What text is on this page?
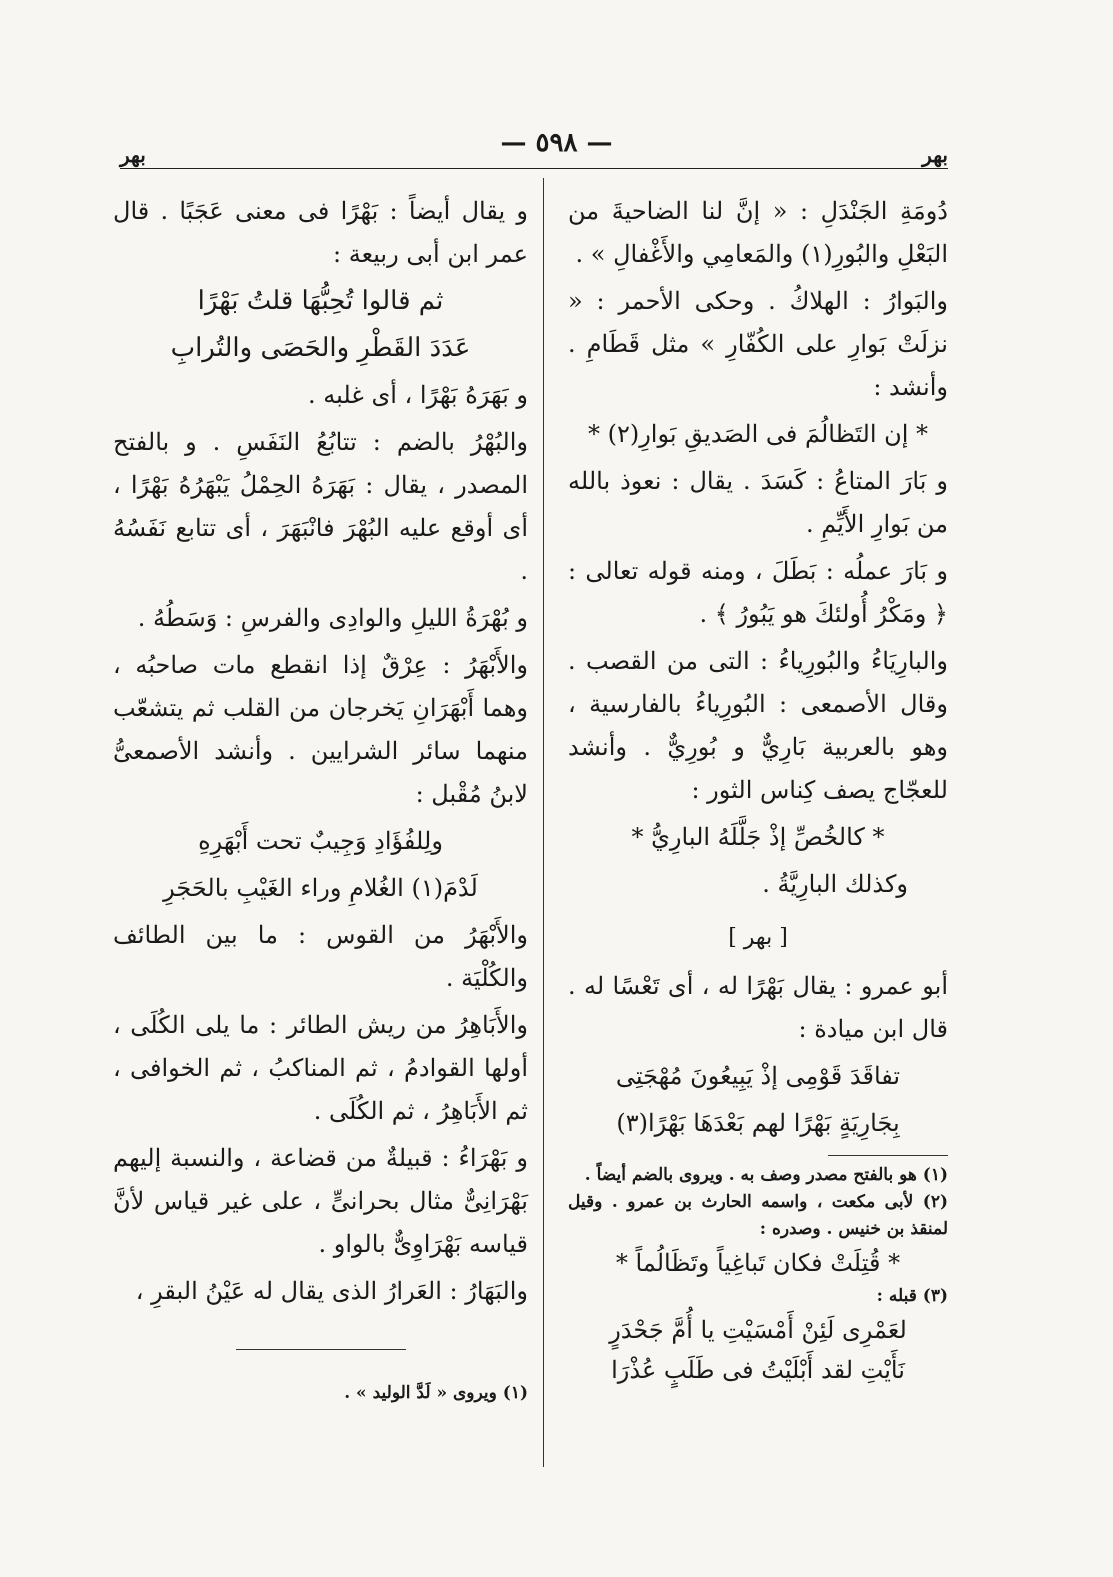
— ٥٩٨ —	بهر
بهر

دُومَةِ الجَنْدَلِ : « إنَّ لنا الضاحيةَ من البَعْلِ والبُورِ(١) والمَعامِي والأَغْفالِ » .

والبَوارُ : الهلاكُ . وحكى الأحمر : « نزلَتْ بَوارِ على الكُفّارِ » مثل قَطَامِ . وأنشد :

* إن التَظالُمَ فى الصَديقِ بَوارِ(٢) *

و بَارَ المتاعُ : كَسَدَ . يقال : نعوذ بالله من بَوارِ الأَيِّمِ .

و بَارَ عملُه : بَطَلَ ، ومنه قوله تعالى : ﴿ ومَكْرُ أُولئكَ هو يَبُورُ ﴾ .

والبارِيَاءُ والبُورِياءُ : التى من القصب . وقال الأصمعى : البُورِياءُ بالفارسية ، وهو بالعربية بَارِيٌّ و بُورِيٌّ . وأنشد للعجّاج يصف كِناس الثور :

* كالخُصِّ إذْ جَلَّلَهُ البارِيُّ *
وكذلك البارِيَّةُ .
[ بهر ]

أبو عمرو : يقال بَهْرًا له ، أى تَعْسًا له . قال ابن ميادة :

تفاقَدَ قَوْمِى إذْ يَبِيعُونَ مُهْجَتِى
بِجَارِيَةٍ بَهْرًا لهم بَعْدَهَا بَهْرًا(٣)

(١) هو بالفتح مصدر وصف به . ويروى بالضم أيضاً .

(٢) لأبى مكعت ، واسمه الحارث بن عمرو . وقيل لمنقذ بن خنيس . وصدره :

* قُتِلَتْ فكان تَباغِياً وتَظَالُماً *

(٣) قبله :

لعَمْرِى لَئِنْ أَمْسَيْتِ يا أُمَّ جَحْدَرٍ
نَأَيْتِ لقد أَبْلَيْتُ فى طَلَبٍ عُذْرَا

و يقال أيضاً : بَهْرًا فى معنى عَجَبًا . قال عمر ابن أبى ربيعة :

ثم قالوا تُحِبُّهَا قلتُ بَهْرًا
عَدَدَ القَطْرِ والحَصَى والتُرابِ

و بَهَرَهُ بَهْرًا ، أى غلبه .

والبُهْرُ بالضم : تتابُعُ النَفَسِ . و بالفتح المصدر ، يقال : بَهَرَهُ الحِمْلُ يَبْهَرُهُ بَهْرًا ، أى أوقع عليه البُهْرَ فانْبَهَرَ ، أى تتابع نَفَسُهُ .

و بُهْرَةُ الليلِ والوادِى والفرسِ : وَسَطُهُ .

والأَبْهَرُ : عِرْقٌ إذا انقطع مات صاحبُه ، وهما أَبْهَرَانِ يَخرجان من القلب ثم يتشعّب منهما سائر الشرايين . وأنشد الأصمعىُّ لابنُ مُقْبل :

ولِلفُؤَادِ وَجِيبٌ تحت أَبْهَرِهِ
لَدْمَ(١) الغُلامِ وراء الغَيْبِ بالحَجَرِ

والأَبْهَرُ من القوس : ما بين الطائف والكُلْيَة .

والأَبَاهِرُ من ريش الطائر : ما يلى الكُلَى ، أولها القوادمُ ، ثم المناكبُ ، ثم الخوافى ، ثم الأَبَاهِرُ ، ثم الكُلَى .

و بَهْرَاءُ : قبيلةٌ من قضاعة ، والنسبة إليهم بَهْرَانِىٌّ مثال بحرانىٍّ ، على غير قياس لأنَّ قياسه بَهْرَاوِىٌّ بالواو .

والبَهَارُ : العَرارُ الذى يقال له عَيْنُ البقرِ ،

(١) ويروى « لَدَّ الوليد » .
